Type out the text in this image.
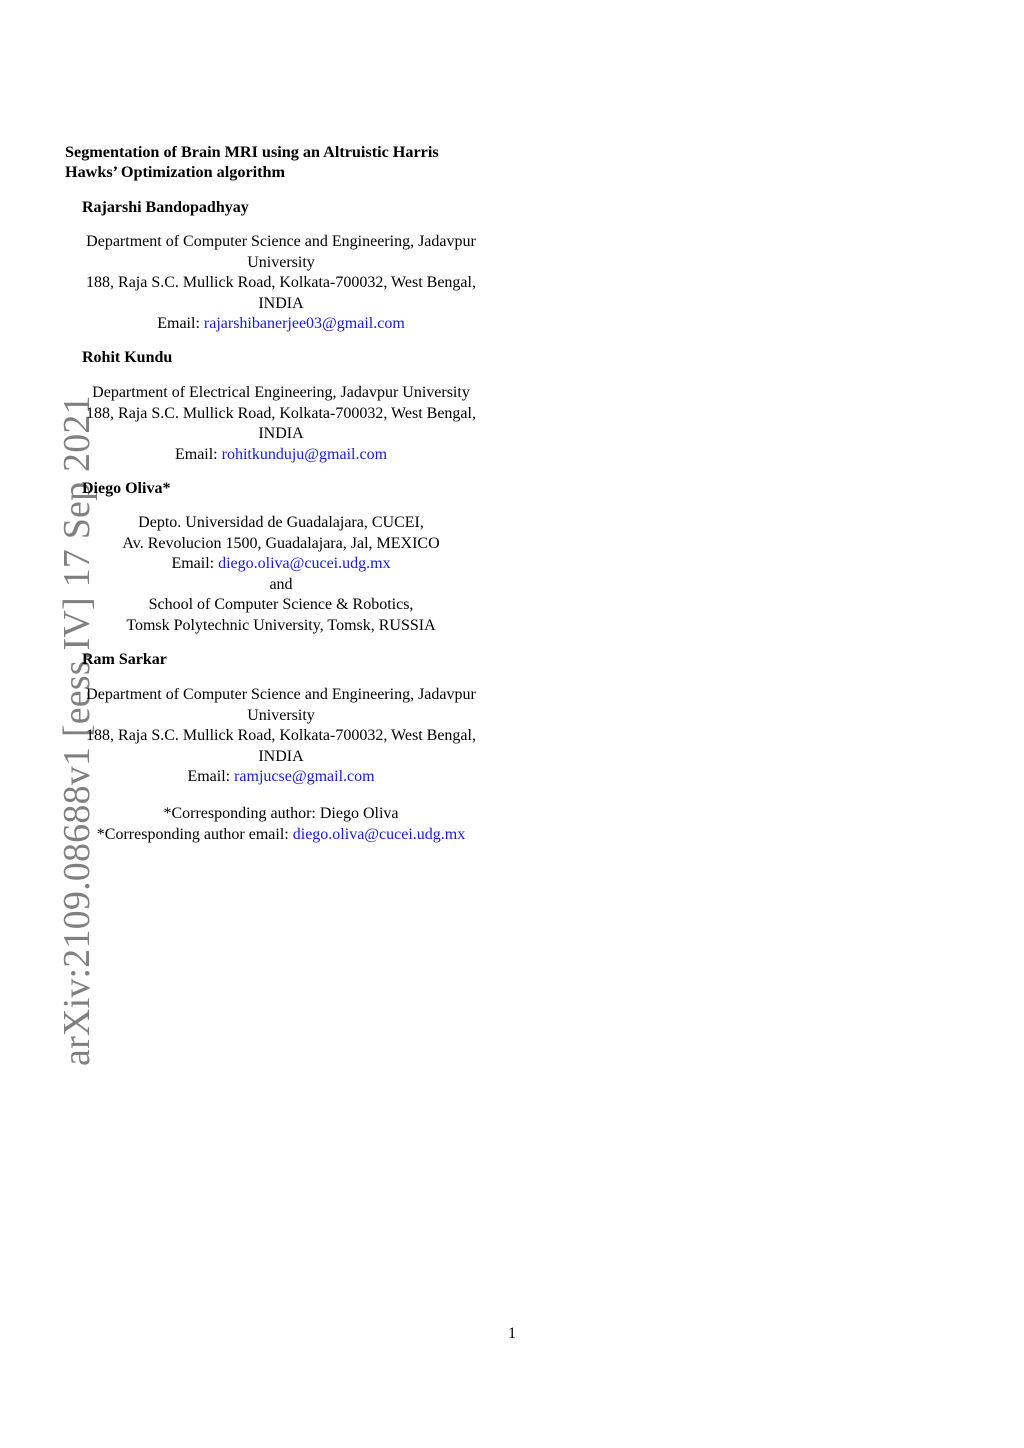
arXiv:2109.08688v1 [eess.IV] 17 Sep 2021
Segmentation of Brain MRI using an Altruistic Harris
Hawks’ Optimization algorithm
Rajarshi Bandopadhyay
Department of Computer Science and Engineering, Jadavpur
University
188, Raja S.C. Mullick Road, Kolkata-700032, West Bengal,
INDIA
Email: rajarshibanerjee03@gmail.com
Rohit Kundu
Department of Electrical Engineering, Jadavpur University
188, Raja S.C. Mullick Road, Kolkata-700032, West Bengal,
INDIA
Email: rohitkunduju@gmail.com
Diego Oliva*
Depto. Universidad de Guadalajara, CUCEI,
Av. Revolucion 1500, Guadalajara, Jal, MEXICO
Email: diego.oliva@cucei.udg.mx
and
School of Computer Science & Robotics,
Tomsk Polytechnic University, Tomsk, RUSSIA
Ram Sarkar
Department of Computer Science and Engineering, Jadavpur
University
188, Raja S.C. Mullick Road, Kolkata-700032, West Bengal,
INDIA
Email: ramjucse@gmail.com
*Corresponding author: Diego Oliva
*Corresponding author email: diego.oliva@cucei.udg.mx
1
